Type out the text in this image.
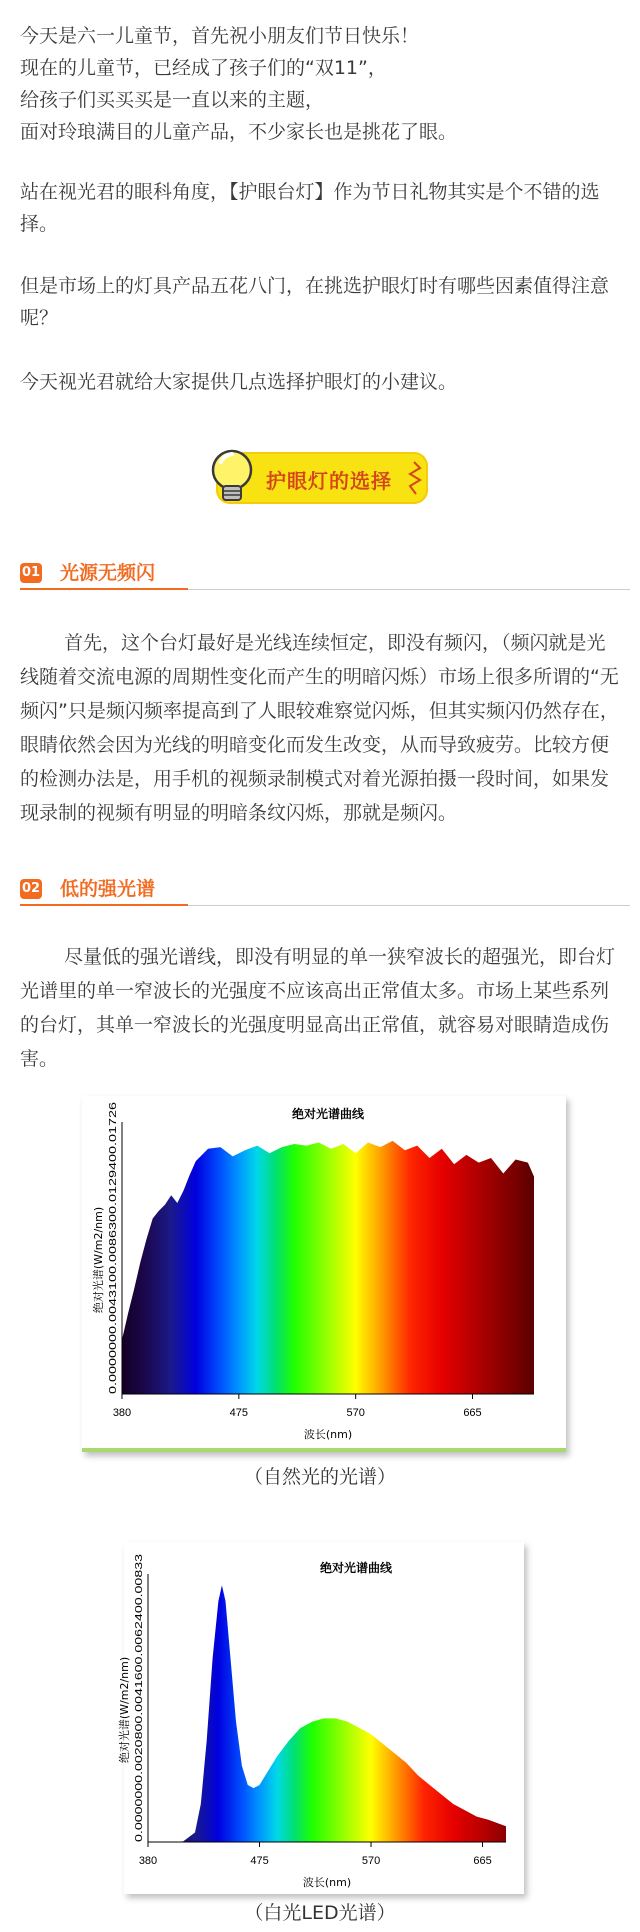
今天是六一儿童节，首先祝小朋友们节日快乐！

现在的儿童节，已经成了孩子们的“双11”，

给孩子们买买买是一直以来的主题，

面对玲琅满目的儿童产品，不少家长也是挑花了眼。

站在视光君的眼科角度，【护眼台灯】作为节日礼物其实是个不错的选择。

但是市场上的灯具产品五花八门，在挑选护眼灯时有哪些因素值得注意呢？

今天视光君就给大家提供几点选择护眼灯的小建议。

护眼灯的选择
01 光源无频闪

首先，这个台灯最好是光线连续恒定，即没有频闪，（频闪就是光线随着交流电源的周期性变化而产生的明暗闪烁）市场上很多所谓的“无频闪”只是频闪频率提高到了人眼较难察觉闪烁，但其实频闪仍然存在，眼睛依然会因为光线的明暗变化而发生改变，从而导致疲劳。比较方便的检测办法是，用手机的视频录制模式对着光源拍摄一段时间，如果发现录制的视频有明显的明暗条纹闪烁，那就是频闪。

02 低的强光谱

尽量低的强光谱线，即没有明显的单一狭窄波长的超强光，即台灯光谱里的单一窄波长的光强度不应该高出正常值太多。市场上某些系列的台灯，其单一窄波长的光强度明显高出正常值，就容易对眼睛造成伤害。

380	475	570	665
0.0000000.0043100.0086300.0129400.01726
绝对光谱(W/m2/nm)
波长(nm)
绝对光谱曲线
（自然光的光谱）
380	475	570	665
0.0000000.0020800.0041600.0062400.00833
绝对光谱(W/m2/nm)
波长(nm)
绝对光谱曲线
（白光LED光谱）
